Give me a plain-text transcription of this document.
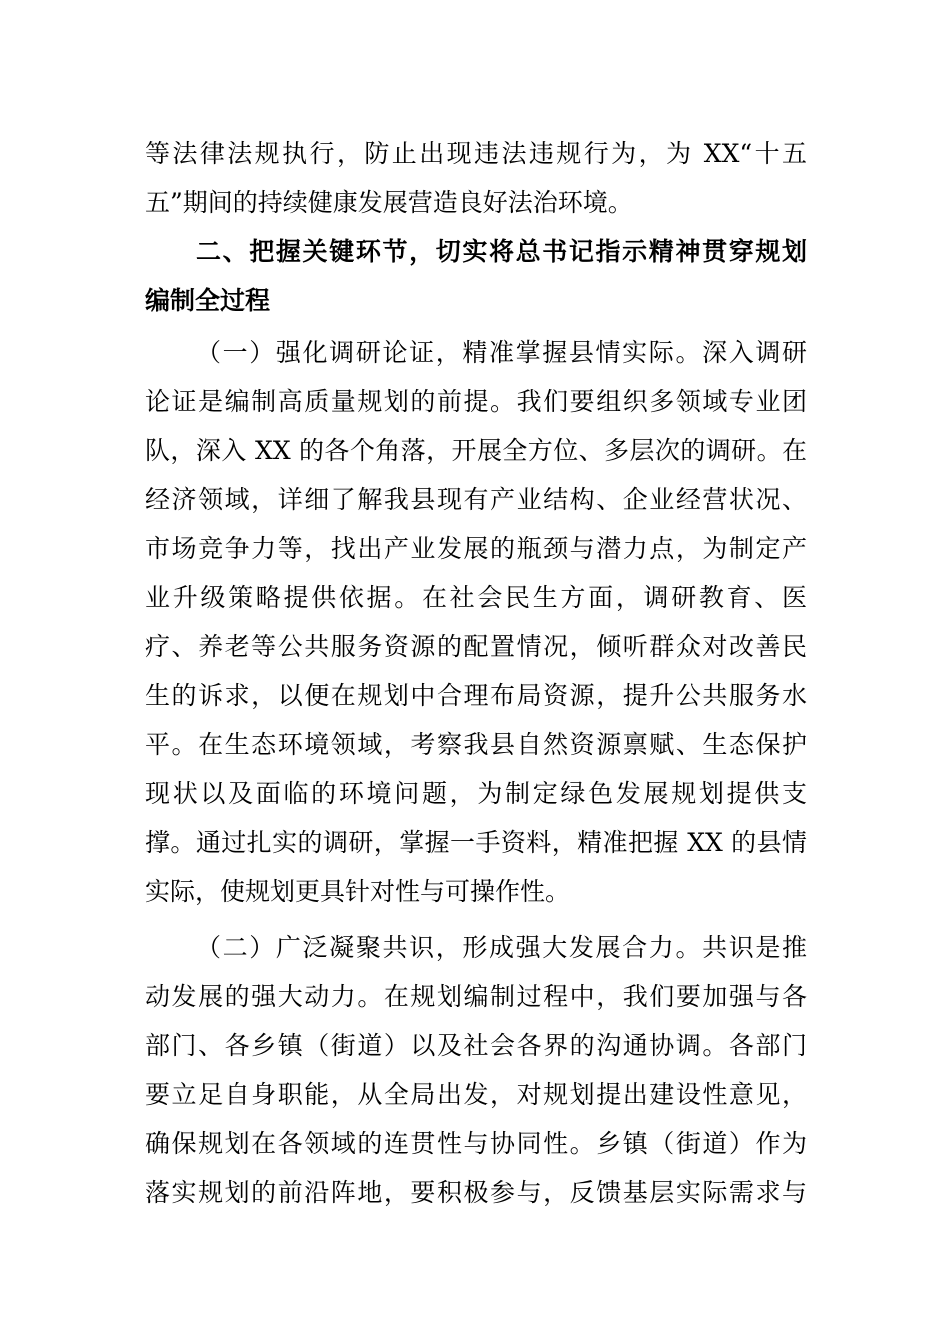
等法律法规执行，防止出现违法违规行为，为 XX“十五
五”期间的持续健康发展营造良好法治环境。
二、把握关键环节，切实将总书记指示精神贯穿规划
编制全过程
（一）强化调研论证，精准掌握县情实际。深入调研
论证是编制高质量规划的前提。我们要组织多领域专业团
队，深入 XX 的各个角落，开展全方位、多层次的调研。在
经济领域，详细了解我县现有产业结构、企业经营状况、
市场竞争力等，找出产业发展的瓶颈与潜力点，为制定产
业升级策略提供依据。在社会民生方面，调研教育、医
疗、养老等公共服务资源的配置情况，倾听群众对改善民
生的诉求，以便在规划中合理布局资源，提升公共服务水
平。在生态环境领域，考察我县自然资源禀赋、生态保护
现状以及面临的环境问题，为制定绿色发展规划提供支
撑。通过扎实的调研，掌握一手资料，精准把握 XX 的县情
实际，使规划更具针对性与可操作性。
（二）广泛凝聚共识，形成强大发展合力。共识是推
动发展的强大动力。在规划编制过程中，我们要加强与各
部门、各乡镇（街道）以及社会各界的沟通协调。各部门
要立足自身职能，从全局出发，对规划提出建设性意见，
确保规划在各领域的连贯性与协同性。乡镇（街道）作为
落实规划的前沿阵地，要积极参与，反馈基层实际需求与
